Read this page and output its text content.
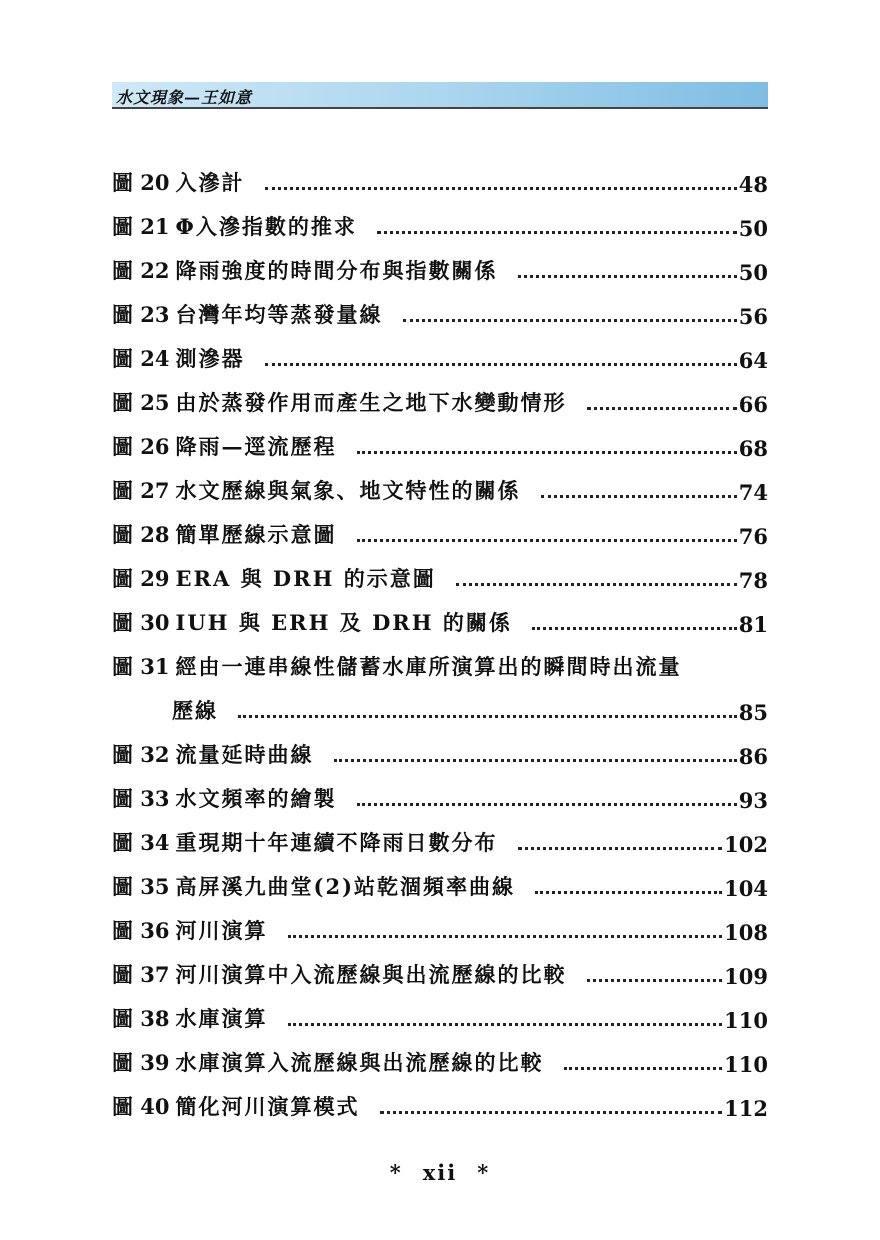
水文現象—王如意
圖 20 入滲計	48
圖 21 Φ入滲指數的推求	50
圖 22 降雨強度的時間分布與指數關係	50
圖 23 台灣年均等蒸發量線	56
圖 24 測滲器	64
圖 25 由於蒸發作用而產生之地下水變動情形	66
圖 26 降雨—逕流歷程	68
圖 27 水文歷線與氣象、地文特性的關係	74
圖 28 簡單歷線示意圖	76
圖 29 ERA 與 DRH 的示意圖	78
圖 30 IUH 與 ERH 及 DRH 的關係	81
圖 31 經由一連串線性儲蓄水庫所演算出的瞬間時出流量
歷線	85
圖 32 流量延時曲線	86
圖 33 水文頻率的繪製	93
圖 34 重現期十年連續不降雨日數分布	102
圖 35 高屏溪九曲堂(2)站乾涸頻率曲線	104
圖 36 河川演算	108
圖 37 河川演算中入流歷線與出流歷線的比較	109
圖 38 水庫演算	110
圖 39 水庫演算入流歷線與出流歷線的比較	110
圖 40 簡化河川演算模式	112
* xii *
